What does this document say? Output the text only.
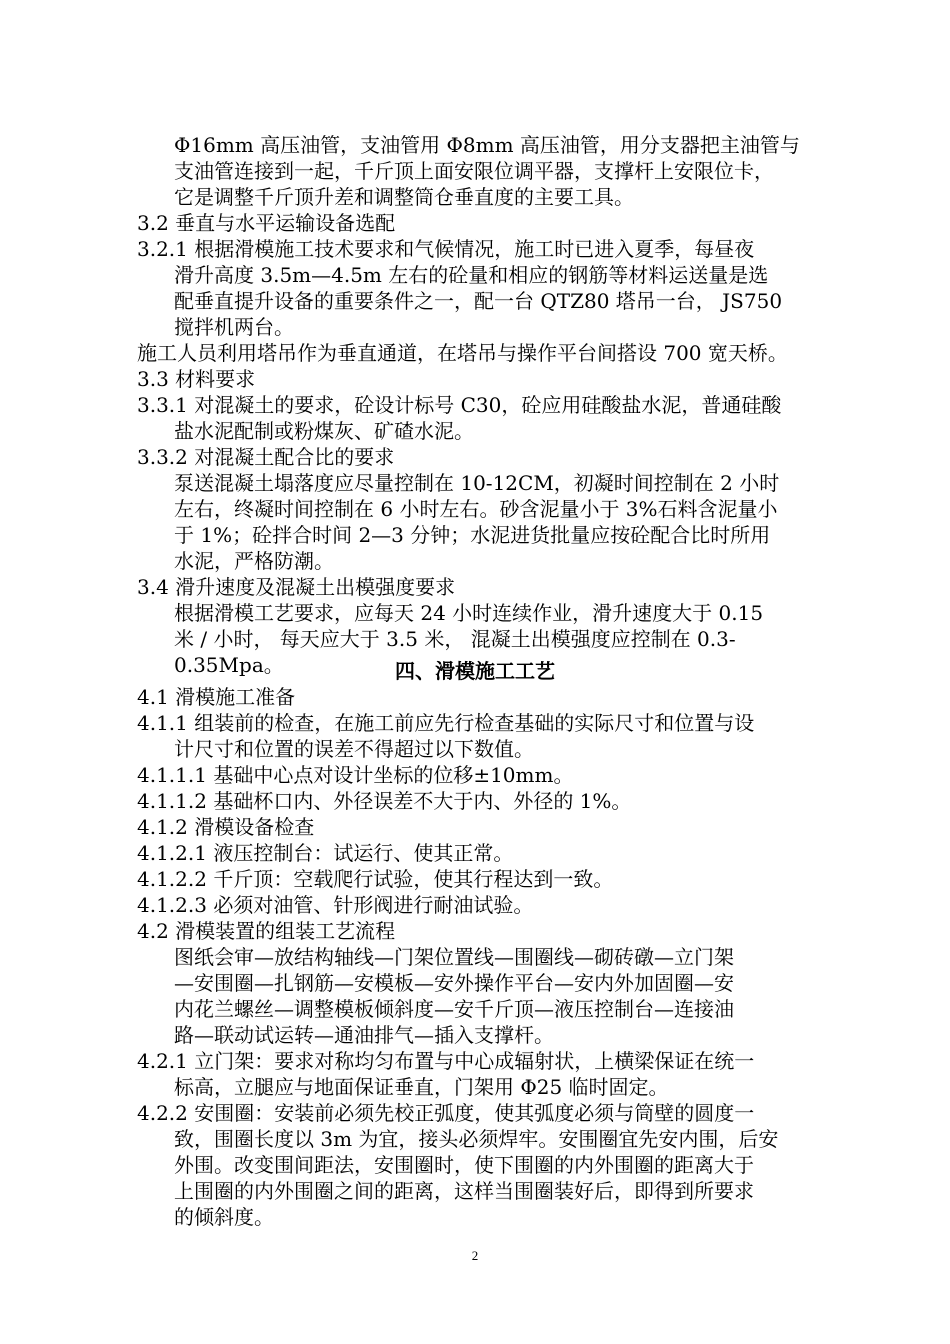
Φ16mm 高压油管，支油管用 Φ8mm 高压油管，用分支器把主油管与
支油管连接到一起，千斤顶上面安限位调平器，支撑杆上安限位卡，
它是调整千斤顶升差和调整筒仓垂直度的主要工具。
3.2 垂直与水平运输设备选配
3.2.1 根据滑模施工技术要求和气候情况，施工时已进入夏季，每昼夜
滑升高度 3.5m—4.5m 左右的砼量和相应的钢筋等材料运送量是选
配垂直提升设备的重要条件之一，配一台 QTZ80 塔吊一台， JS750
搅拌机两台。
施工人员利用塔吊作为垂直通道，在塔吊与操作平台间搭设 700 宽天桥。
3.3 材料要求
3.3.1 对混凝土的要求，砼设计标号 C30，砼应用硅酸盐水泥，普通硅酸
盐水泥配制或粉煤灰、矿碴水泥。
3.3.2 对混凝土配合比的要求
泵送混凝土塌落度应尽量控制在 10-12CM，初凝时间控制在 2 小时
左右，终凝时间控制在 6 小时左右。砂含泥量小于 3%石料含泥量小
于 1%；砼拌合时间 2—3 分钟；水泥进货批量应按砼配合比时所用
水泥，严格防潮。
3.4 滑升速度及混凝土出模强度要求
根据滑模工艺要求，应每天 24 小时连续作业，滑升速度大于 0.15
米 / 小时， 每天应大于 3.5 米， 混凝土出模强度应控制在 0.3-
0.35Mpa。	四、滑模施工工艺
4.1 滑模施工准备
4.1.1 组装前的检查，在施工前应先行检查基础的实际尺寸和位置与设
计尺寸和位置的误差不得超过以下数值。
4.1.1.1 基础中心点对设计坐标的位移±10mm。
4.1.1.2 基础杯口内、外径误差不大于内、外径的 1%。
4.1.2 滑模设备检查
4.1.2.1 液压控制台：试运行、使其正常。
4.1.2.2 千斤顶：空载爬行试验，使其行程达到一致。
4.1.2.3 必须对油管、针形阀进行耐油试验。
4.2 滑模装置的组装工艺流程
图纸会审—放结构轴线—门架位置线—围圈线—砌砖礅—立门架
—安围圈—扎钢筋—安模板—安外操作平台—安内外加固圈—安
内花兰螺丝—调整模板倾斜度—安千斤顶—液压控制台—连接油
路—联动试运转—通油排气—插入支撑杆。
4.2.1 立门架：要求对称均匀布置与中心成辐射状，上横梁保证在统一
标高，立腿应与地面保证垂直，门架用 Φ25 临时固定。
4.2.2 安围圈：安装前必须先校正弧度，使其弧度必须与筒壁的圆度一
致，围圈长度以 3m 为宜，接头必须焊牢。安围圈宜先安内围，后安
外围。改变围间距法，安围圈时，使下围圈的内外围圈的距离大于
上围圈的内外围圈之间的距离，这样当围圈装好后，即得到所要求
的倾斜度。
2
